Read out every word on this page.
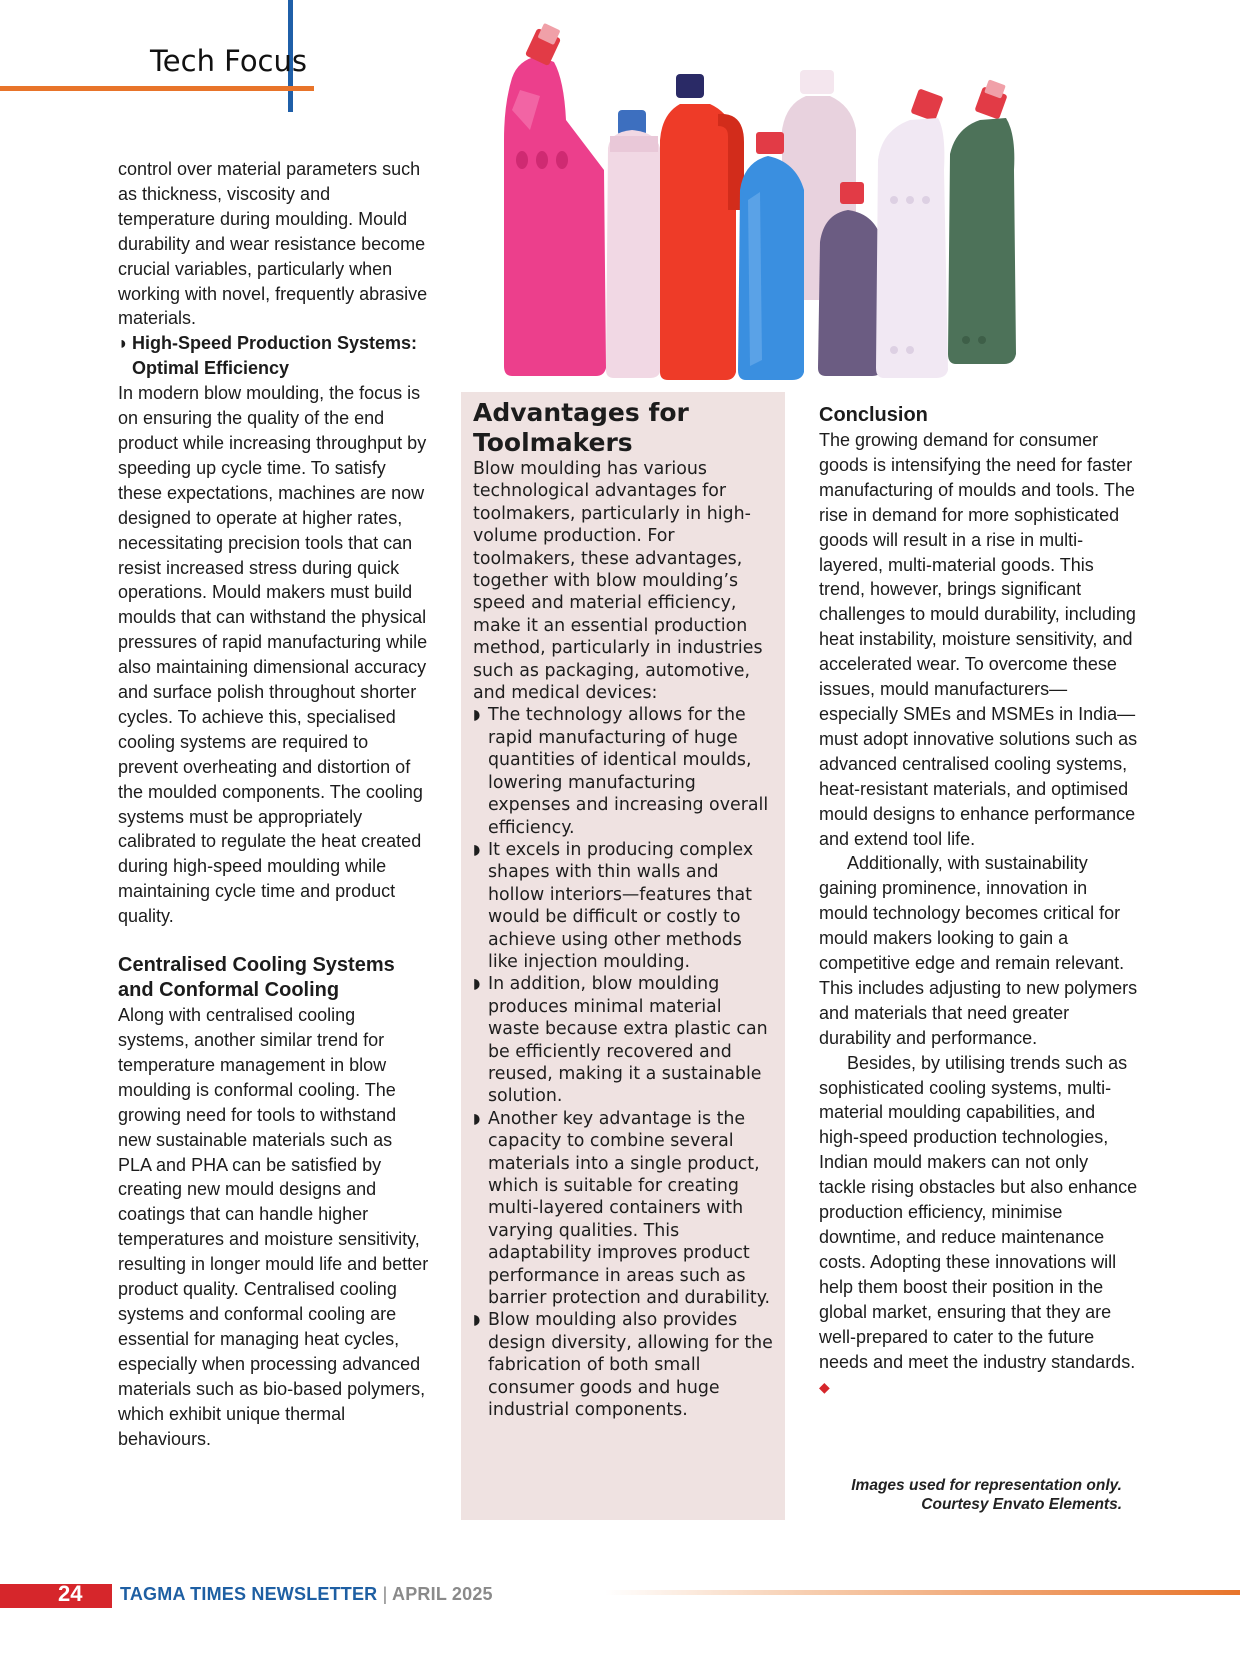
Tech Focus

control over material parameters such as thickness, viscosity and temperature during moulding. Mould durability and wear resistance become crucial variables, particularly when working with novel, frequently abrasive materials.

◗ High-Speed Production Systems:
Optimal Efficiency

In modern blow moulding, the focus is on ensuring the quality of the end product while increasing throughput by speeding up cycle time. To satisfy these expectations, machines are now designed to operate at higher rates, necessitating precision tools that can resist increased stress during quick operations. Mould makers must build moulds that can withstand the physical pressures of rapid manufacturing while also maintaining dimensional accuracy and surface polish throughout shorter cycles. To achieve this, specialised cooling systems are required to prevent overheating and distortion of the moulded components. The cooling systems must be appropriately calibrated to regulate the heat created during high-speed moulding while maintaining cycle time and product quality.

Centralised Cooling Systems
and Conformal Cooling

Along with centralised cooling systems, another similar trend for temperature management in blow moulding is conformal cooling. The growing need for tools to withstand new sustainable materials such as PLA and PHA can be satisfied by creating new mould designs and coatings that can handle higher temperatures and moisture sensitivity, resulting in longer mould life and better product quality. Centralised cooling systems and conformal cooling are essential for managing heat cycles, especially when processing advanced materials such as bio-based polymers, which exhibit unique thermal behaviours.

Advantages for
Toolmakers

Blow moulding has various technological advantages for toolmakers, particularly in high-volume production. For toolmakers, these advantages, together with blow moulding’s speed and material efficiency, make it an essential production method, particularly in industries such as packaging, automotive, and medical devices:

◗ The technology allows for the rapid manufacturing of huge quantities of identical moulds, lowering manufacturing expenses and increasing overall efficiency.
◗ It excels in producing complex shapes with thin walls and hollow interiors—features that would be difficult or costly to achieve using other methods like injection moulding.
◗ In addition, blow moulding produces minimal material waste because extra plastic can be efficiently recovered and reused, making it a sustainable solution.
◗ Another key advantage is the capacity to combine several materials into a single product, which is suitable for creating multi-layered containers with varying qualities. This adaptability improves product performance in areas such as barrier protection and durability.
◗ Blow moulding also provides design diversity, allowing for the fabrication of both small consumer goods and huge industrial components.
Conclusion

The growing demand for consumer goods is intensifying the need for faster manufacturing of moulds and tools. The rise in demand for more sophisticated goods will result in a rise in multi-layered, multi-material goods. This trend, however, brings significant challenges to mould durability, including heat instability, moisture sensitivity, and accelerated wear. To overcome these issues, mould manufacturers—especially SMEs and MSMEs in India—must adopt innovative solutions such as advanced centralised cooling systems, heat-resistant materials, and optimised mould designs to enhance performance and extend tool life.

Additionally, with sustainability gaining prominence, innovation in mould technology becomes critical for mould makers looking to gain a competitive edge and remain relevant. This includes adjusting to new polymers and materials that need greater durability and performance.

Besides, by utilising trends such as sophisticated cooling systems, multi-material moulding capabilities, and high-speed production technologies, Indian mould makers can not only tackle rising obstacles but also enhance production efficiency, minimise downtime, and reduce maintenance costs. Adopting these innovations will help them boost their position in the global market, ensuring that they are well-prepared to cater to the future needs and meet the industry standards. ◆

Images used for representation only.
Courtesy Envato Elements.
24 TAGMA TIMES NEWSLETTER | APRIL 2025
